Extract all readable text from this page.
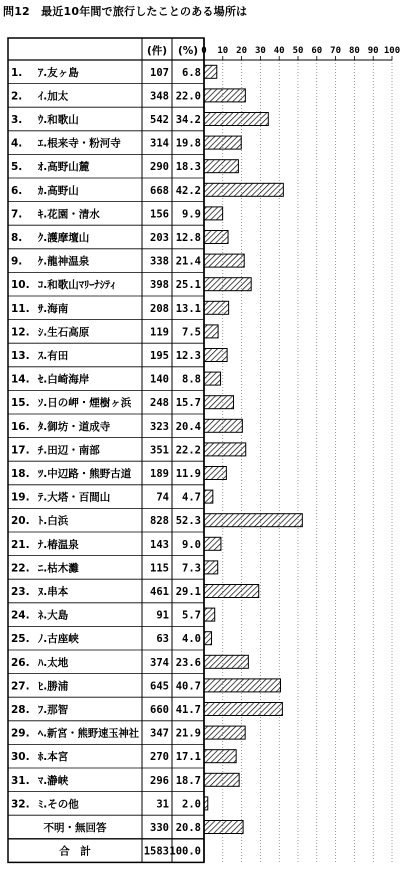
問12　最近10年間で旅行したことのある場所は
0 10 20 30 40 50 60 70 80 90 100
(件) (%)
1. ｱ.友ヶ島	107 6.8
2. ｲ.加太	348 22.0
3. ｳ.和歌山	542 34.2
4. ｴ.根来寺・粉河寺	314 19.8
5. ｵ.高野山麓	290 18.3
6. ｶ.高野山	668 42.2
7. ｷ.花園・清水	156 9.9
8. ｸ.護摩壇山	203 12.8
9. ｹ.龍神温泉	338 21.4
10. ｺ.和歌山ﾏﾘｰﾅｼﾃｨ	398 25.1
11. ｻ.海南	208 13.1
12. ｼ.生石高原	119 7.5
13. ｽ.有田	195 12.3
14. ｾ.白崎海岸	140 8.8
15. ｿ.日の岬・煙樹ヶ浜 248 15.7
16. ﾀ.御坊・道成寺	323 20.4
17. ﾁ.田辺・南部	351 22.2
18. ﾂ.中辺路・熊野古道 189 11.9
19. ﾃ.大塔・百間山	74 4.7
20. ﾄ.白浜	828 52.3
21. ﾅ.椿温泉	143 9.0
22. ﾆ.枯木灘	115 7.3
23. ﾇ.串本	461 29.1
24. ﾈ.大島	91 5.7
25. ﾉ.古座峡	63 4.0
26. ﾊ.太地	374 23.6
27. ﾋ.勝浦	645 40.7
28. ﾌ.那智	660 41.7
29. ﾍ.新宮・熊野速玉神社 347 21.9
30. ﾎ.本宮	270 17.1
31. ﾏ.瀞峡	296 18.7
32. ﾐ.その他	31 2.0
不明・無回答	330 20.8
合　計	1583 100.0
